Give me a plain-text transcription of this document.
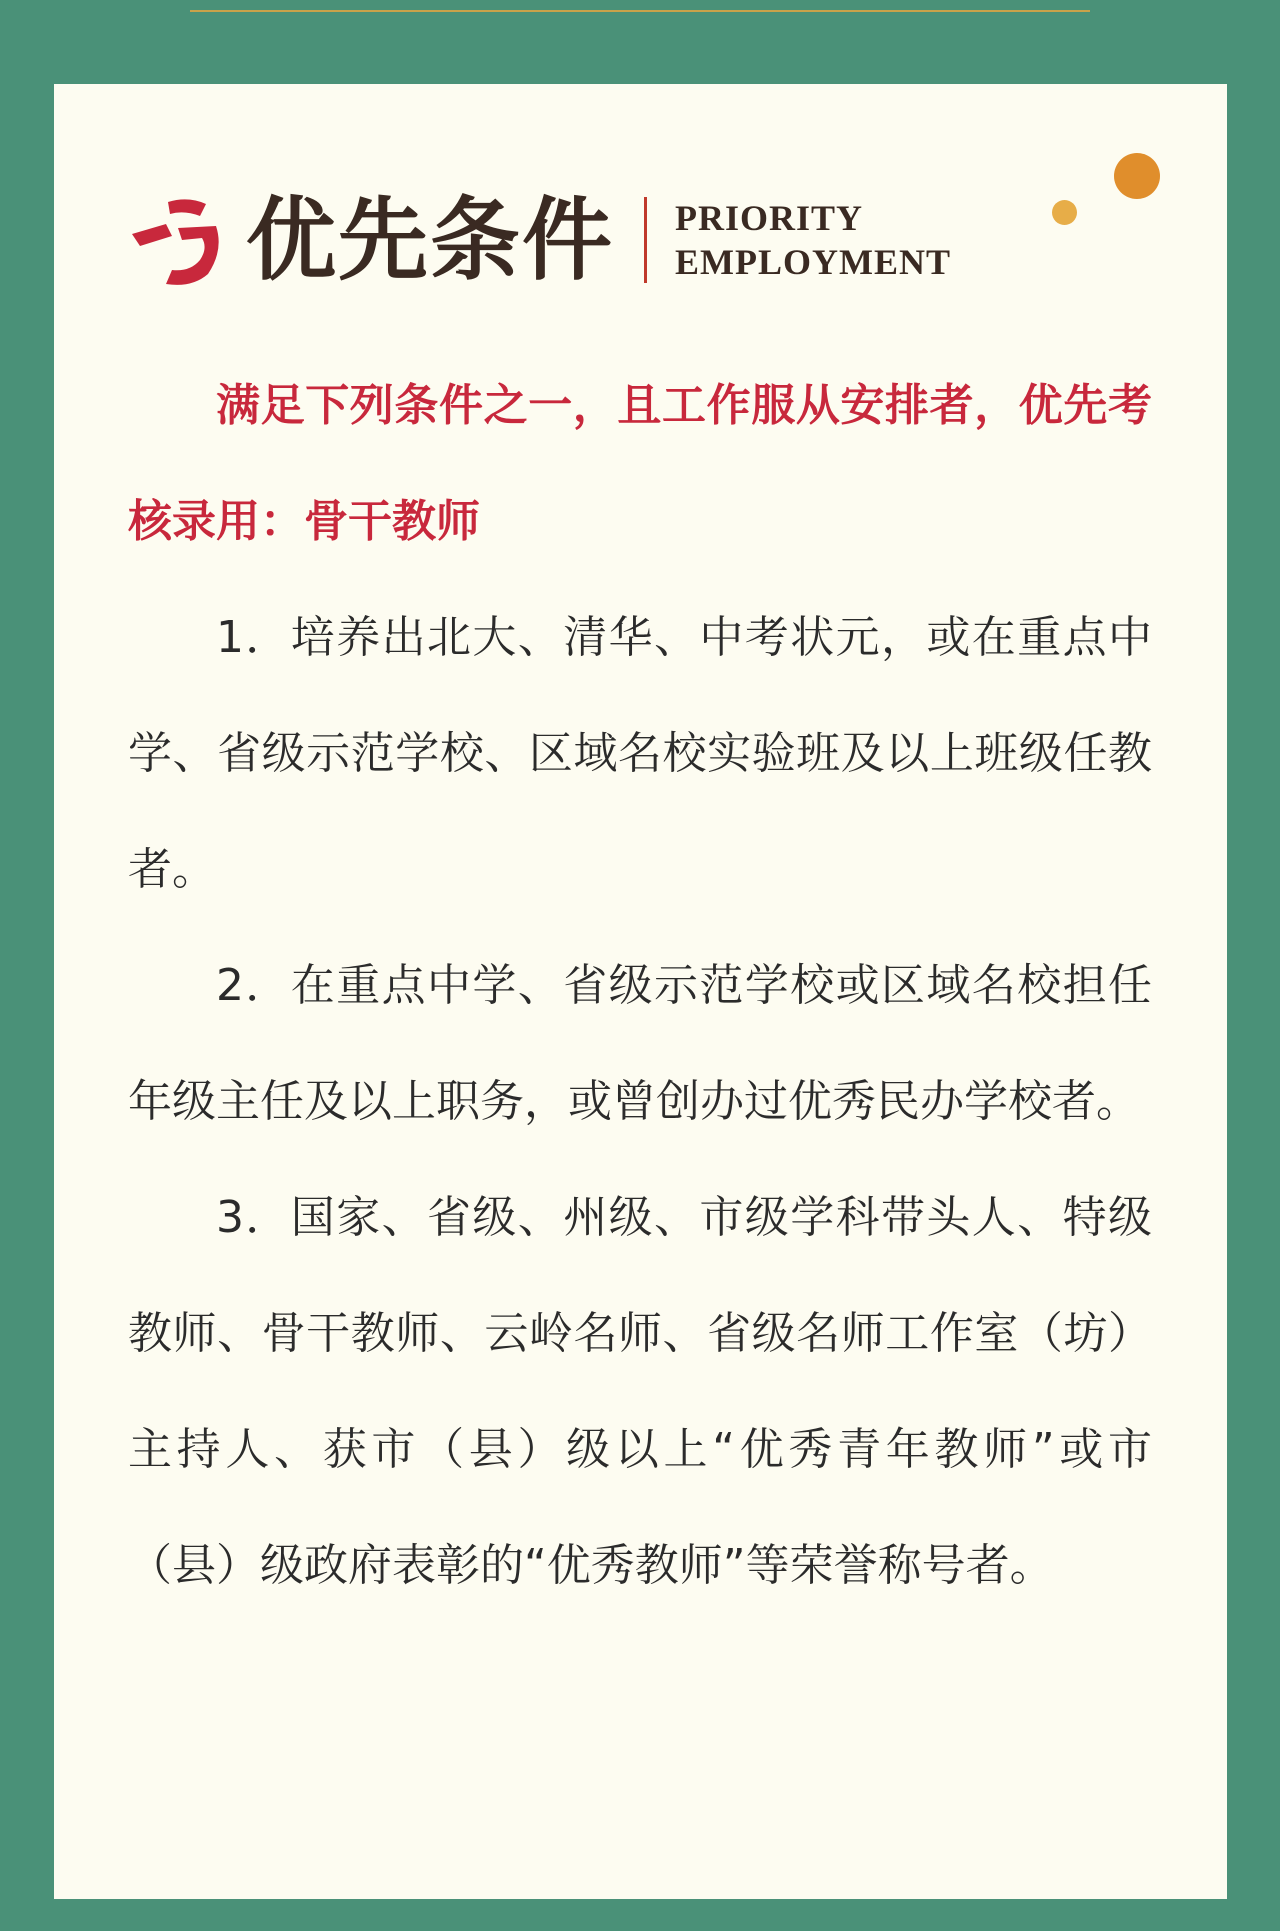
优先条件 PRIORITY
EMPLOYMENT

满足下列条件之一，且工作服从安排者，优先考核录用：骨干教师

1．培养出北大、清华、中考状元，或在重点中学、省级示范学校、区域名校实验班及以上班级任教者。

2．在重点中学、省级示范学校或区域名校担任年级主任及以上职务，或曾创办过优秀民办学校者。

3．国家、省级、州级、市级学科带头人、特级教师、骨干教师、云岭名师、省级名师工作室（坊）主持人、获市（县）级以上“优秀青年教师”或市（县）级政府表彰的“优秀教师”等荣誉称号者。
